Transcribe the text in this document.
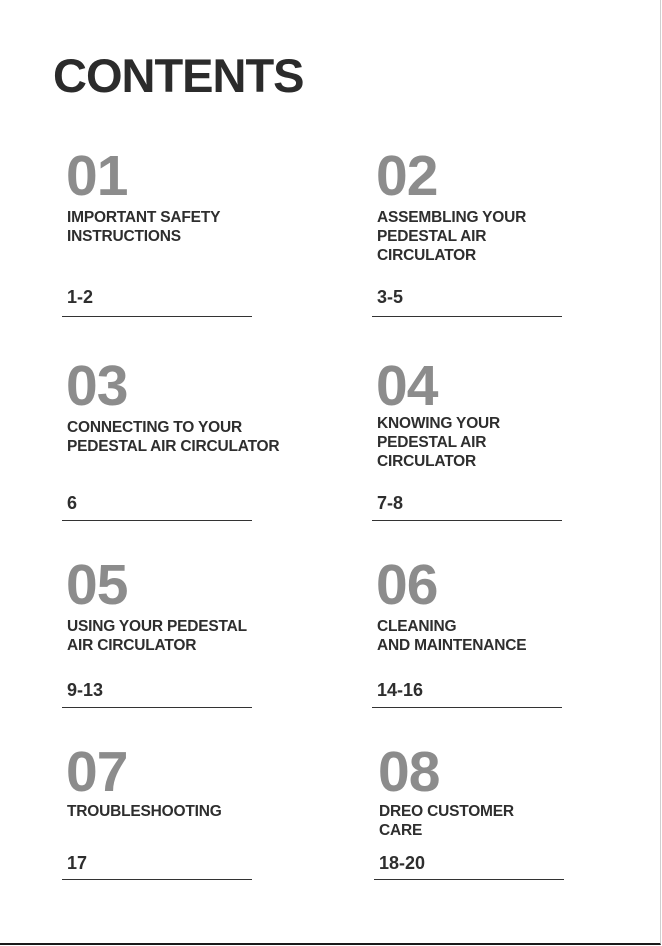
CONTENTS
01
IMPORTANT SAFETY
INSTRUCTIONS
1-2
02
ASSEMBLING YOUR
PEDESTAL AIR
CIRCULATOR
3-5
03
CONNECTING TO YOUR
PEDESTAL AIR CIRCULATOR
6
04
KNOWING YOUR
PEDESTAL AIR
CIRCULATOR
7-8
05
USING YOUR PEDESTAL
AIR CIRCULATOR
9-13
06
CLEANING
AND MAINTENANCE
14-16
07
TROUBLESHOOTING
17
08
DREO CUSTOMER
CARE
18-20
